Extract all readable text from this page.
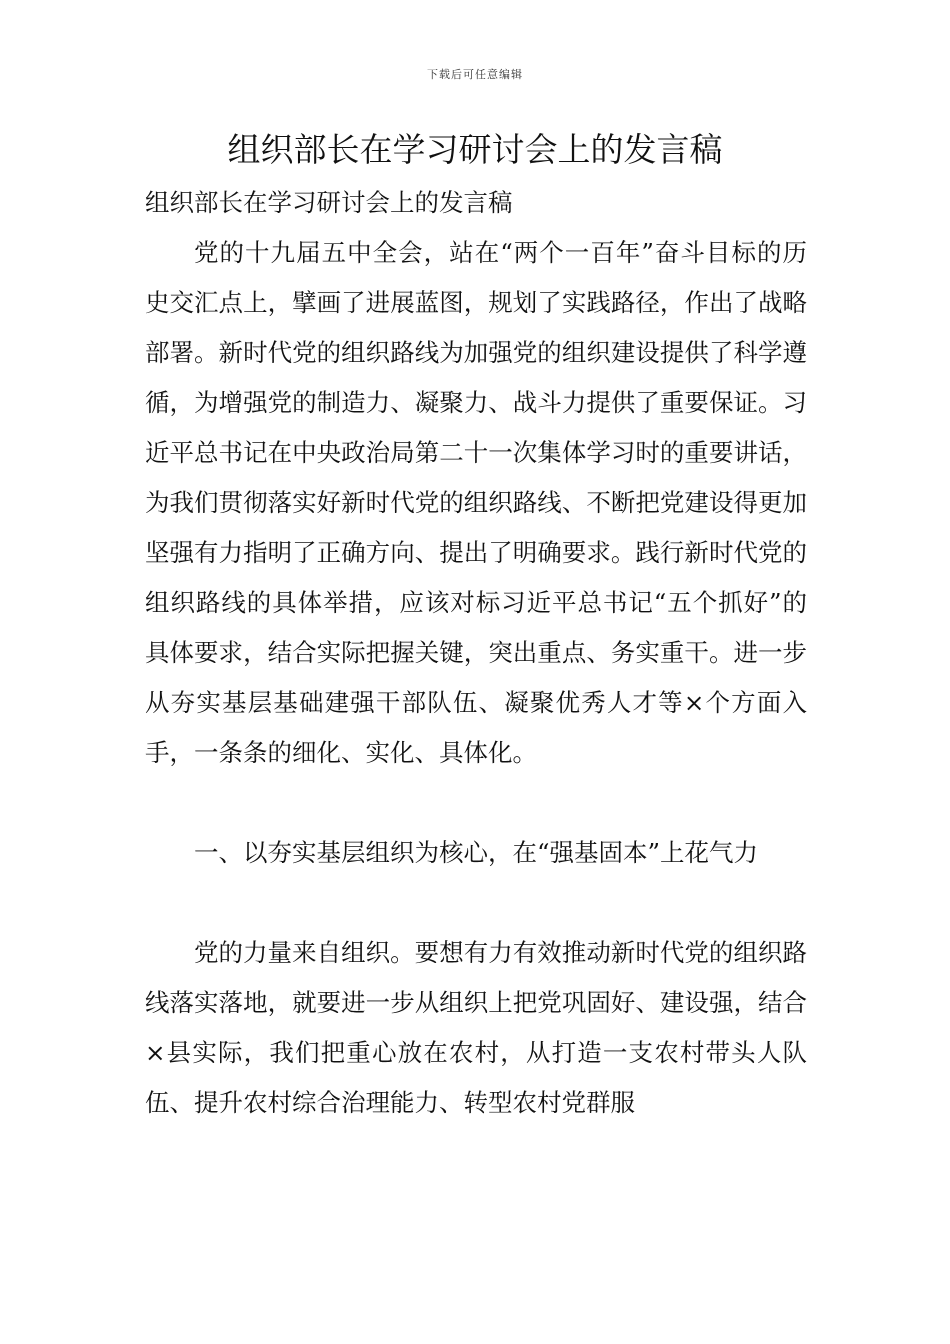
下载后可任意编辑
组织部长在学习研讨会上的发言稿

组织部长在学习研讨会上的发言稿

党的十九届五中全会，站在“两个一百年”奋斗目标的历史交汇点上，擘画了进展蓝图，规划了实践路径，作出了战略部署。新时代党的组织路线为加强党的组织建设提供了科学遵循，为增强党的制造力、凝聚力、战斗力提供了重要保证。习近平总书记在中央政治局第二十一次集体学习时的重要讲话，为我们贯彻落实好新时代党的组织路线、不断把党建设得更加坚强有力指明了正确方向、提出了明确要求。践行新时代党的组织路线的具体举措，应该对标习近平总书记“五个抓好”的具体要求，结合实际把握关键，突出重点、务实重干。进一步从夯实基层基础建强干部队伍、凝聚优秀人才等×个方面入手，一条条的细化、实化、具体化。

一、以夯实基层组织为核心，在“强基固本”上花气力

党的力量来自组织。要想有力有效推动新时代党的组织路线落实落地，就要进一步从组织上把党巩固好、建设强，结合×县实际，我们把重心放在农村，从打造一支农村带头人队伍、提升农村综合治理能力、转型农村党群服
